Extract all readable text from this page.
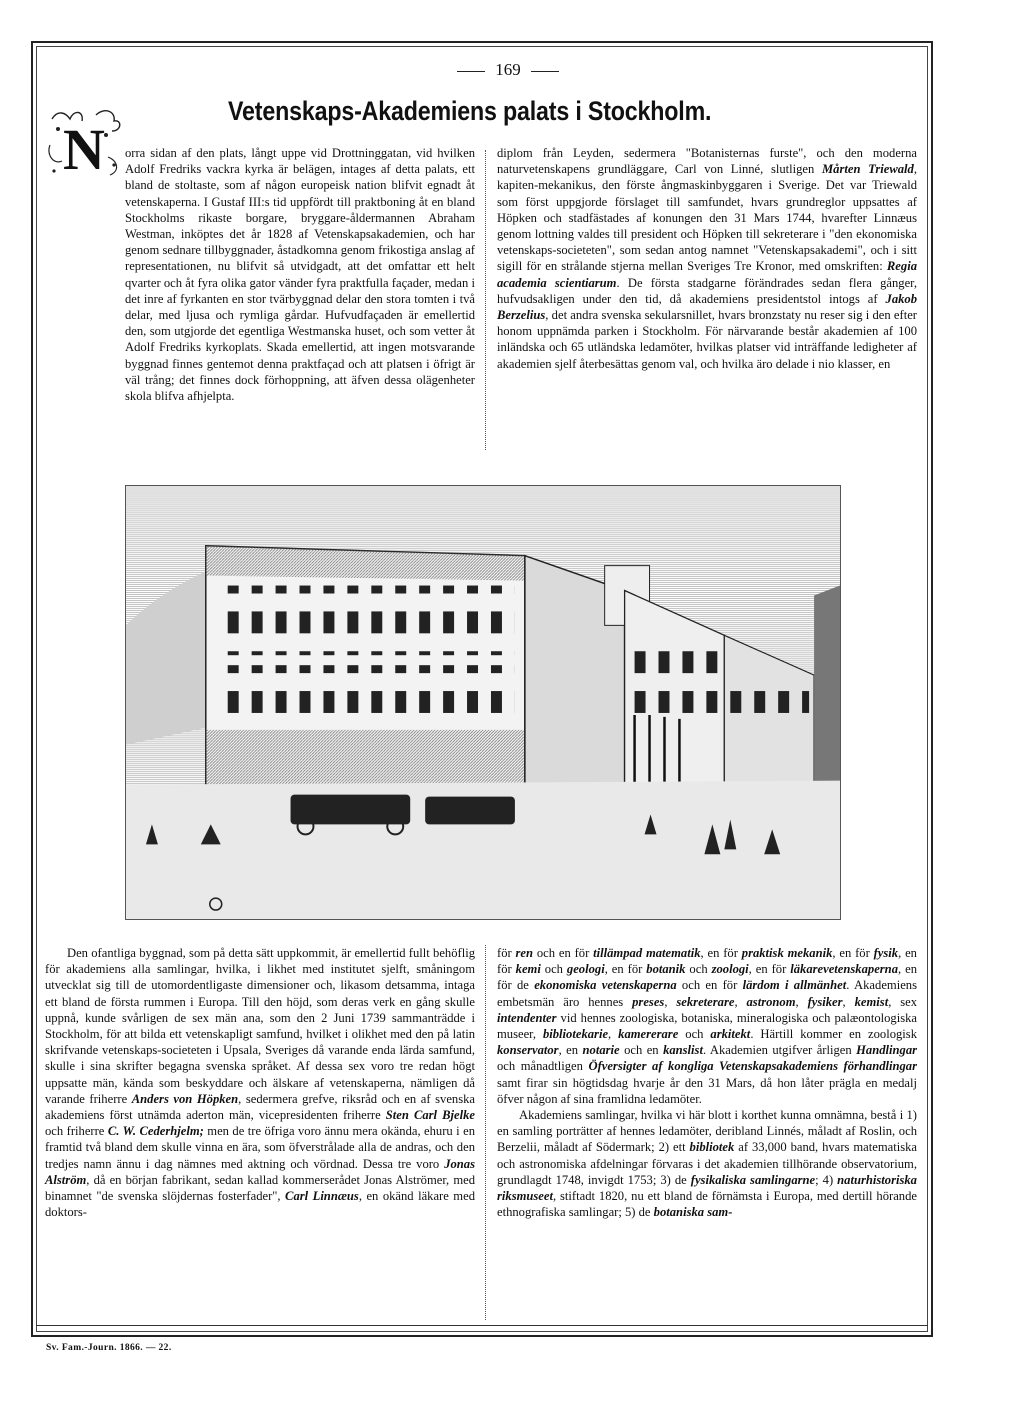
169
Vetenskaps-Akademiens palats i Stockholm.
N	orra sidan af den plats, långt uppe vid Drottninggatan, vid hvilken Adolf Fredriks vackra kyrka är belägen, intages af detta palats, ett bland de stoltaste, som af någon europeisk nation blifvit egnadt åt vetenskaperna. I Gustaf III:s tid uppfördt till praktboning åt en bland Stockholms rikaste borgare, bryggare-åldermannen Abraham Westman, inköptes det år 1828 af Vetenskapsakademien, och har genom sednare tillbyggnader, åstadkomna genom frikostiga anslag af representationen, nu blifvit så utvidgadt, att det omfattar ett helt qvarter och åt fyra olika gator vänder fyra praktfulla façader, medan i det inre af fyrkanten en stor tvärbyggnad delar den stora tomten i två delar, med ljusa och rymliga gårdar. Hufvudfaçaden är emellertid den, som utgjorde det egentliga Westmanska huset, och som vetter åt Adolf Fredriks kyrkoplats. Skada emellertid, att ingen motsvarande byggnad finnes gentemot denna praktfaçad och att platsen i öfrigt är väl trång; det finnes dock förhoppning, att äfven dessa olägenheter skola blifva afhjelpta.

diplom från Leyden, sedermera "Botanisternas furste", och den moderna naturvetenskapens grundläggare, Carl von Linné, slutligen Mårten Triewald, kapiten-mekanikus, den förste ångmaskinbyggaren i Sverige. Det var Triewald som först uppgjorde förslaget till samfundet, hvars grundreglor uppsattes af Höpken och stadfästades af konungen den 31 Mars 1744, hvarefter Linnæus genom lottning valdes till president och Höpken till sekreterare i "den ekonomiska vetenskaps-societeten", som sedan antog namnet "Vetenskapsakademi", och i sitt sigill för en strålande stjerna mellan Sveriges Tre Kronor, med omskriften: Regia academia scientiarum. De första stadgarne förändrades sedan flera gånger, hufvudsakligen under den tid, då akademiens presidentstol intogs af Jakob Berzelius, det andra svenska sekularsnillet, hvars bronzstaty nu reser sig i den efter honom uppnämda parken i Stockholm. För närvarande består akademien af 100 inländska och 65 utländska ledamöter, hvilkas platser vid inträffande ledigheter af akademien sjelf återbesättas genom val, och hvilka äro delade i nio klasser, en

Den ofantliga byggnad, som på detta sätt uppkommit, är emellertid fullt behöflig för akademiens alla samlingar, hvilka, i likhet med institutet sjelft, småningom utvecklat sig till de utomordentligaste dimensioner och, likasom detsamma, intaga ett bland de första rummen i Europa. Till den höjd, som deras verk en gång skulle uppnå, kunde svårligen de sex män ana, som den 2 Juni 1739 sammanträdde i Stockholm, för att bilda ett vetenskapligt samfund, hvilket i olikhet med den på latin skrifvande vetenskaps-societeten i Upsala, Sveriges då varande enda lärda samfund, skulle i sina skrifter begagna svenska språket. Af dessa sex voro tre redan högt uppsatte män, kända som beskyddare och älskare af vetenskaperna, nämligen då varande friherre Anders von Höpken, sedermera grefve, riksråd och en af svenska akademiens först utnämda aderton män, vicepresidenten friherre Sten Carl Bjelke och friherre C. W. Cederhjelm; men de tre öfriga voro ännu mera okända, ehuru i en framtid två bland dem skulle vinna en ära, som öfverstrålade alla de andras, och den tredjes namn ännu i dag nämnes med aktning och vördnad. Dessa tre voro Jonas Alström, då en början fabrikant, sedan kallad kommerserådet Jonas Alströmer, med binamnet "de svenska slöjdernas fosterfader", Carl Linnæus, en okänd läkare med doktors-

för ren och en för tillämpad matematik, en för praktisk mekanik, en för fysik, en för kemi och geologi, en för botanik och zoologi, en för läkarevetenskaperna, en för de ekonomiska vetenskaperna och en för lärdom i allmänhet. Akademiens embetsmän äro hennes preses, sekreterare, astronom, fysiker, kemist, sex intendenter vid hennes zoologiska, botaniska, mineralogiska och palæontologiska museer, bibliotekarie, kamererare och arkitekt. Härtill kommer en zoologisk konservator, en notarie och en kanslist. Akademien utgifver årligen Handlingar och månadtligen Öfversigter af kongliga Vetenskapsakademiens förhandlingar samt firar sin högtidsdag hvarje år den 31 Mars, då hon låter prägla en medalj öfver någon af sina framlidna ledamöter.

Akademiens samlingar, hvilka vi här blott i korthet kunna omnämna, bestå i 1) en samling porträtter af hennes ledamöter, deribland Linnés, måladt af Roslin, och Berzelii, måladt af Södermark; 2) ett bibliotek af 33,000 band, hvars matematiska och astronomiska afdelningar förvaras i det akademien tillhörande observatorium, grundlagdt 1748, invigdt 1753; 3) de fysikaliska samlingarne; 4) naturhistoriska riksmuseet, stiftadt 1820, nu ett bland de förnämsta i Europa, med dertill hörande ethnografiska samlingar; 5) de botaniska sam-

Sv. Fam.-Journ. 1866. — 22.
